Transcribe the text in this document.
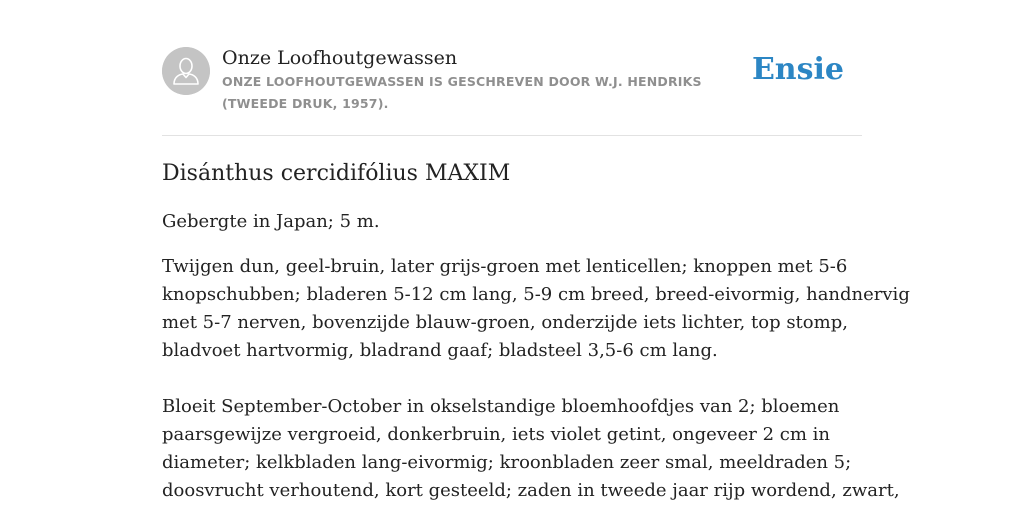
Onze Loofhoutgewassen
ONZE LOOFHOUTGEWASSEN IS GESCHREVEN DOOR W.J. HENDRIKS (TWEEDE DRUK, 1957).
Ensie
Disánthus cercidifólius MAXIM

Gebergte in Japan; 5 m.

Twijgen dun, geel-bruin, later grijs-groen met lenticellen; knoppen met 5-6
knopschubben; bladeren 5-12 cm lang, 5-9 cm breed, breed-eivormig, handnervig
met 5-7 nerven, bovenzijde blauw-groen, onderzijde iets lichter, top stomp,
bladvoet hartvormig, bladrand gaaf; bladsteel 3,5-6 cm lang.
Bloeit September-October in okselstandige bloemhoofdjes van 2; bloemen
paarsgewijze vergroeid, donkerbruin, iets violet getint, ongeveer 2 cm in
diameter; kelkbladen lang-eivormig; kroonbladen zeer smal, meeldraden 5;
doosvrucht verhoutend, kort gesteeld; zaden in tweede jaar rijp wordend, zwart,
